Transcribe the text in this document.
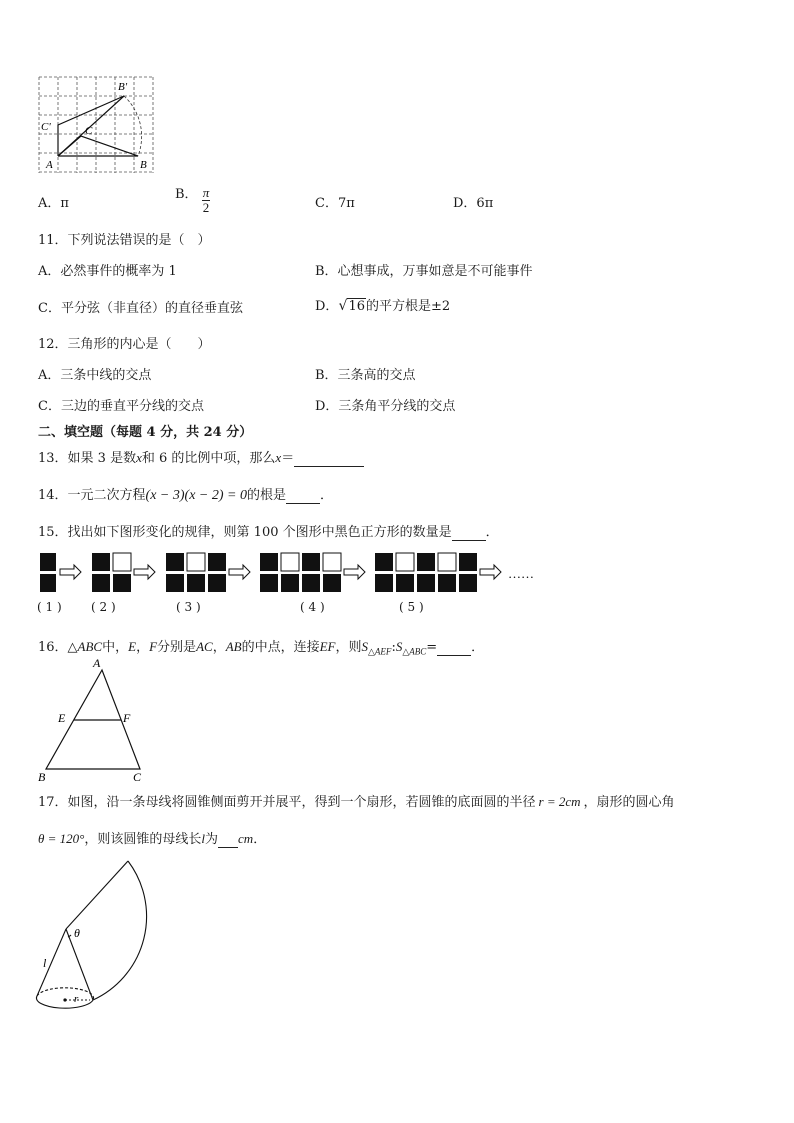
B'
C'	C
A	B
A．π
B． $\frac{\pi}{2}$	C．7π	D．6π
11．下列说法错误的是（　）
A．必然事件的概率为 1	B．心想事成，万事如意是不可能事件
C．平分弦（非直径）的直径垂直弦	D．√ 16的平方根是±2
12．三角形的内心是（　　）
A．三条中线的交点	B．三条高的交点
C．三边的垂直平分线的交点	D．三条角平分线的交点
二、填空题（每题 4 分，共 24 分）
13．如果 3 是数x和 6 的比例中项，那么x＝
14．一元二次方程(x − 3)(x − 2) = 0的根是	．
15．找出如下图形变化的规律，则第 100 个图形中黑色正方形的数量是	．
……
( 1 ) ( 2 )	( 3 )	( 4 )	( 5 )
16．△ABC中，E，F分别是AC，AB的中点，连接EF，则$S_{\triangle AEF}:S_{\triangle ABC}=$	．
A
E	F
B	C
17．如图，沿一条母线将圆锥侧面剪开并展平，得到一个扇形，若圆锥的底面圆的半径 r = 2cm ，扇形的圆心角
θ = 120°，则该圆锥的母线长l为 cm．
θ
l
r
